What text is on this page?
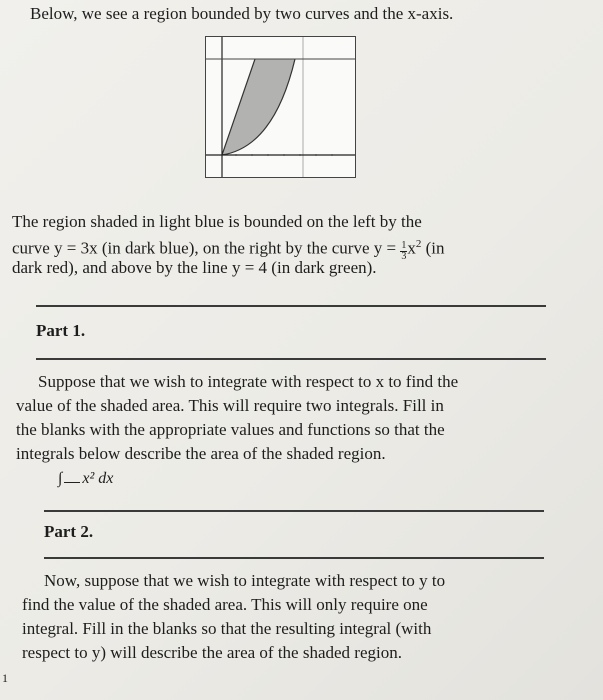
Below, we see a region bounded by two curves and the x-axis.
The region shaded in light blue is bounded on the left by the
curve y = 3x (in dark blue), on the right by the curve $y = \frac{1}{3} x^2$ (in
dark red), and above by the line y = 4 (in dark green).
Part 1.
Suppose that we wish to integrate with respect to x to find the
value of the shaded area. This will require two integrals. Fill in
the blanks with the appropriate values and functions so that the
integrals below describe the area of the shaded region.
∫ x² dx
Part 2.
Now, suppose that we wish to integrate with respect to y to
find the value of the shaded area. This will only require one
integral. Fill in the blanks so that the resulting integral (with
respect to y) will describe the area of the shaded region.
1
